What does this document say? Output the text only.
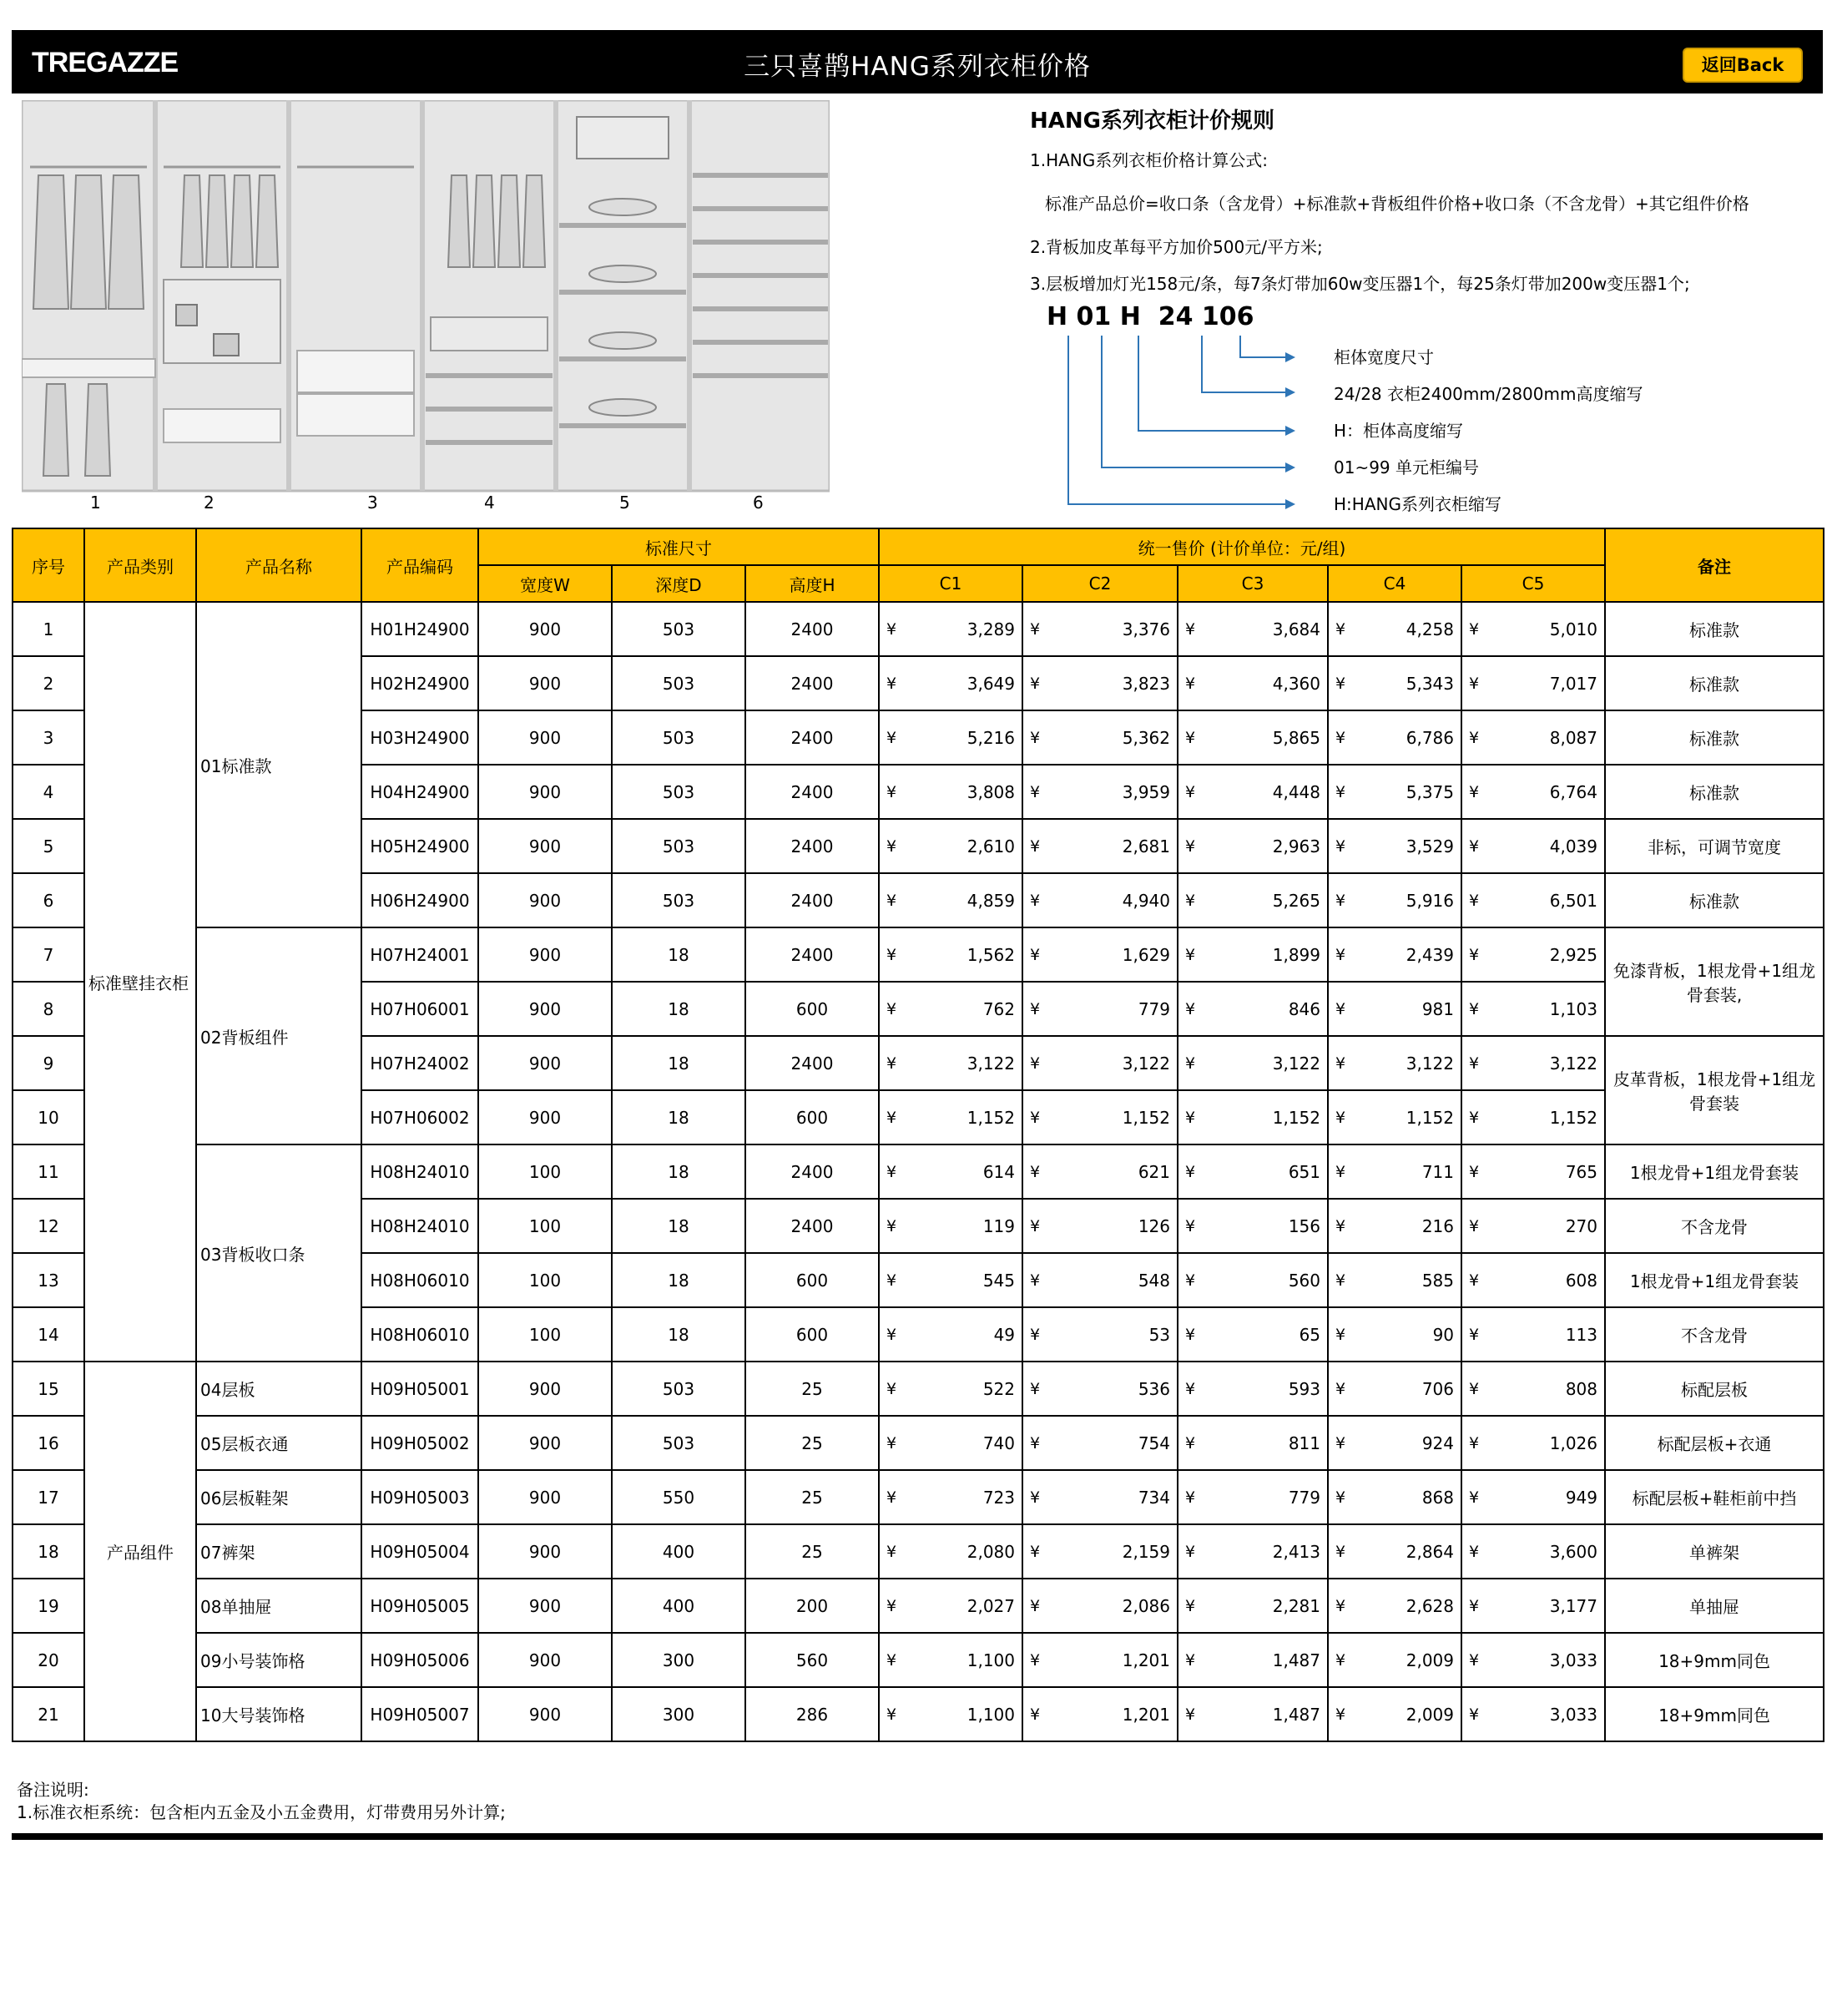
TREGAZZE	三只喜鹊HANG系列衣柜价格	返回Back
1	2	3	4	5	6
HANG系列衣柜计价规则
1.HANG系列衣柜价格计算公式:
标准产品总价=收口条（含龙骨）+标准款+背板组件价格+收口条（不含龙骨）+其它组件价格
2.背板加皮革每平方加价500元/平方米;
3.层板增加灯光158元/条，每7条灯带加60w变压器1个，每25条灯带加200w变压器1个;
H 01 H  24 106
柜体宽度尺寸
24/28 衣柜2400mm/2800mm高度缩写
H：柜体高度缩写
01~99 单元柜编号
H:HANG系列衣柜缩写
序号	产品类别	产品名称	产品编码	标准尺寸			统一售价 (计价单位：元/组)					备注
				宽度W	深度D	高度H	C1	C2	C3	C4	C5	
1	标准壁挂衣柜	01标准款	H01H24900	900	503	2400	¥ 3,289	¥ 3,376	¥ 3,684	¥ 4,258	¥ 5,010	标准款
2			H02H24900	900	503	2400	¥ 3,649	¥ 3,823	¥ 4,360	¥ 5,343	¥ 7,017	标准款
3			H03H24900	900	503	2400	¥ 5,216	¥ 5,362	¥ 5,865	¥ 6,786	¥ 8,087	标准款
4			H04H24900	900	503	2400	¥ 3,808	¥ 3,959	¥ 4,448	¥ 5,375	¥ 6,764	标准款
5			H05H24900	900	503	2400	¥ 2,610	¥ 2,681	¥ 2,963	¥ 3,529	¥ 4,039	非标，可调节宽度
6			H06H24900	900	503	2400	¥ 4,859	¥ 4,940	¥ 5,265	¥ 5,916	¥ 6,501	标准款
7		02背板组件	H07H24001	900	18	2400	¥ 1,562	¥ 1,629	¥ 1,899	¥ 2,439	¥ 2,925	免漆背板，1根龙骨+1组龙骨套装,
8			H07H06001	900	18	600	¥ 762	¥ 779	¥ 846	¥ 981	¥ 1,103	

9			H07H24002	900	18	2400	¥ 3,122	¥ 3,122	¥ 3,122	¥ 3,122	¥ 3,122	皮革背板，1根龙骨+1组龙骨套装
10			H07H06002	900	18	600	¥ 1,152	¥ 1,152	¥ 1,152	¥ 1,152	¥ 1,152	

11		03背板收口条	H08H24010	100	18	2400	¥ 614	¥ 621	¥ 651	¥ 711	¥ 765	1根龙骨+1组龙骨套装
12			H08H24010	100	18	2400	¥ 119	¥ 126	¥ 156	¥ 216	¥ 270	不含龙骨
13			H08H06010	100	18	600	¥ 545	¥ 548	¥ 560	¥ 585	¥ 608	1根龙骨+1组龙骨套装
14			H08H06010	100	18	600	¥ 49	¥ 53	¥ 65	¥ 90	¥ 113	不含龙骨
15	产品组件	04层板	H09H05001	900	503	25	¥ 522	¥ 536	¥ 593	¥ 706	¥ 808	标配层板
16		05层板衣通	H09H05002	900	503	25	¥ 740	¥ 754	¥ 811	¥ 924	¥ 1,026	标配层板+衣通
17		06层板鞋架	H09H05003	900	550	25	¥ 723	¥ 734	¥ 779	¥ 868	¥ 949	标配层板+鞋柜前中挡
18		07裤架	H09H05004	900	400	25	¥ 2,080	¥ 2,159	¥ 2,413	¥ 2,864	¥ 3,600	单裤架
19		08单抽屉	H09H05005	900	400	200	¥ 2,027	¥ 2,086	¥ 2,281	¥ 2,628	¥ 3,177	单抽屉
20		09小号装饰格	H09H05006	900	300	560	¥ 1,100	¥ 1,201	¥ 1,487	¥ 2,009	¥ 3,033	18+9mm同色
21		10大号装饰格	H09H05007	900	300	286	¥ 1,100	¥ 1,201	¥ 1,487	¥ 2,009	¥ 3,033	18+9mm同色
备注说明:
1.标准衣柜系统：包含柜内五金及小五金费用，灯带费用另外计算;
